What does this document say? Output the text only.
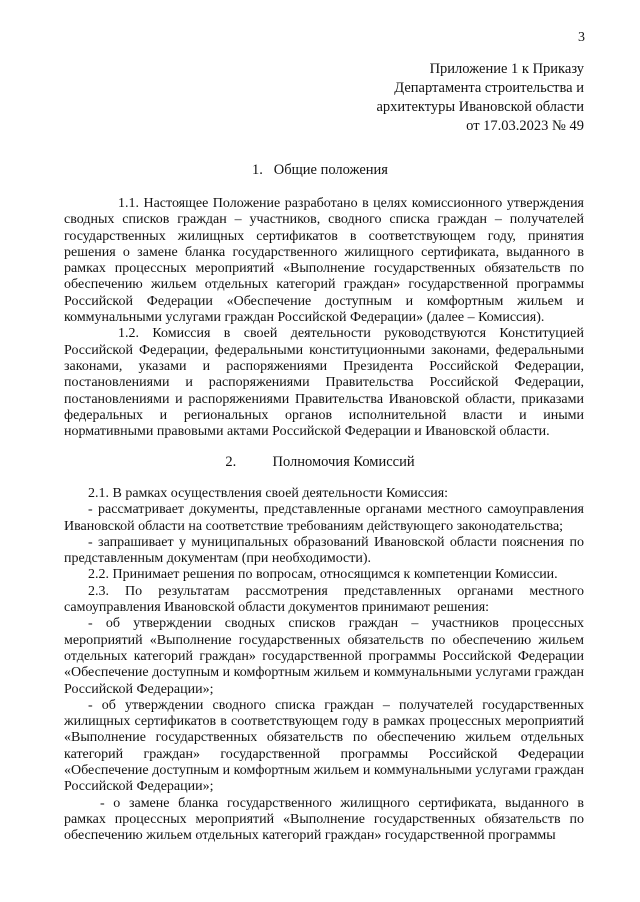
3
Приложение 1 к Приказу
Департамента строительства и
архитектуры Ивановской области
от 17.03.2023 № 49
1.   Общие положения

1.1. Настоящее Положение разработано в целях комиссионного утверждения сводных списков граждан – участников, сводного списка граждан – получателей государственных жилищных сертификатов в соответствующем году, принятия решения о замене бланка государственного жилищного сертификата, выданного в рамках процессных мероприятий «Выполнение государственных обязательств по обеспечению жильем отдельных категорий граждан» государственной программы Российской Федерации «Обеспечение доступным и комфортным жильем и коммунальными услугами граждан Российской Федерации» (далее – Комиссия).

1.2. Комиссия в своей деятельности руководствуются Конституцией Российской Федерации, федеральными конституционными законами, федеральными законами, указами и распоряжениями Президента Российской Федерации, постановлениями и распоряжениями Правительства Российской Федерации, постановлениями и распоряжениями Правительства Ивановской области, приказами федеральных и региональных органов исполнительной власти и иными нормативными правовыми актами Российской Федерации и Ивановской области.

2.          Полномочия Комиссий

2.1. В рамках осуществления своей деятельности Комиссия:

- рассматривает документы, представленные органами местного самоуправления Ивановской области на соответствие требованиям действующего законодательства;

- запрашивает у муниципальных образований Ивановской области пояснения по представленным документам (при необходимости).

2.2. Принимает решения по вопросам, относящимся к компетенции Комиссии.

2.3. По результатам рассмотрения представленных органами местного самоуправления Ивановской области документов принимают решения:

- об утверждении сводных списков граждан – участников процессных мероприятий «Выполнение государственных обязательств по обеспечению жильем отдельных категорий граждан» государственной программы Российской Федерации «Обеспечение доступным и комфортным жильем и коммунальными услугами граждан Российской Федерации»;

- об утверждении сводного списка граждан – получателей государственных жилищных сертификатов в соответствующем году в рамках процессных мероприятий «Выполнение государственных обязательств по обеспечению жильем отдельных категорий граждан» государственной программы Российской Федерации «Обеспечение доступным и комфортным жильем и коммунальными услугами граждан Российской Федерации»;

- о замене бланка государственного жилищного сертификата, выданного в рамках процессных мероприятий «Выполнение государственных обязательств по обеспечению жильем отдельных категорий граждан» государственной программы
